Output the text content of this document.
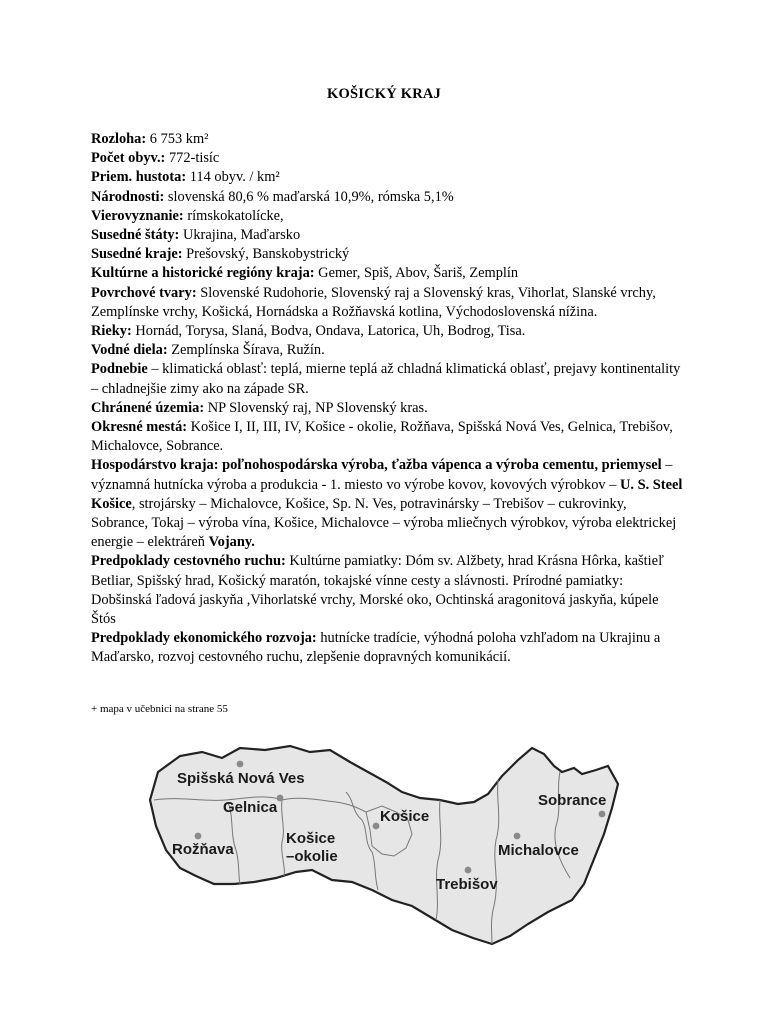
KOŠICKÝ KRAJ

Rozloha: 6 753 km²

Počet obyv.: 772-tisíc

Priem. hustota: 114 obyv. / km²

Národnosti: slovenská 80,6 % maďarská 10,9%, rómska 5,1%

Vierovyznanie: rímskokatolícke,

Susedné štáty: Ukrajina, Maďarsko

Susedné kraje: Prešovský, Banskobystrický

Kultúrne a historické regióny kraja: Gemer, Spiš, Abov, Šariš, Zemplín

Povrchové tvary: Slovenské Rudohorie, Slovenský raj a Slovenský kras, Vihorlat, Slanské vrchy, Zemplínske vrchy, Košická, Hornádska a Rožňavská kotlina, Východoslovenská nížina.

Rieky: Hornád, Torysa, Slaná, Bodva, Ondava, Latorica, Uh, Bodrog, Tisa.

Vodné diela: Zemplínska Šírava, Ružín.

Podnebie – klimatická oblasť: teplá, mierne teplá až chladná klimatická oblasť, prejavy kontinentality – chladnejšie zimy ako na západe SR.

Chránené územia: NP Slovenský raj, NP Slovenský kras.

Okresné mestá: Košice I, II, III, IV, Košice - okolie, Rožňava, Spišská Nová Ves, Gelnica, Trebišov, Michalovce, Sobrance.

Hospodárstvo kraja: poľnohospodárska výroba, ťažba vápenca a výroba cementu, priemysel – významná hutnícka výroba a produkcia - 1. miesto vo výrobe kovov, kovových výrobkov – U. S. Steel Košice, strojársky – Michalovce, Košice, Sp. N. Ves, potravinársky – Trebišov – cukrovinky, Sobrance, Tokaj – výroba vína, Košice, Michalovce – výroba mliečnych výrobkov, výroba elektrickej energie – elektráreň Vojany.

Predpoklady cestovného ruchu: Kultúrne pamiatky: Dóm sv. Alžbety, hrad Krásna Hôrka, kaštieľ Betliar, Spišský hrad, Košický maratón, tokajské vínne cesty a slávnosti. Prírodné pamiatky: Dobšinská ľadová jaskyňa ,Vihorlatské vrchy, Morské oko, Ochtinská aragonitová jaskyňa, kúpele Štós

Predpoklady ekonomického rozvoja: hutnícke tradície, výhodná poloha vzhľadom na Ukrajinu a Maďarsko, rozvoj cestovného ruchu, zlepšenie dopravných komunikácií.

+ mapa v učebnici na strane 55
Spišská Nová Ves
Gelnica
Rožňava
Košice
–okolie
Košice
Trebišov
Michalovce
Sobrance
